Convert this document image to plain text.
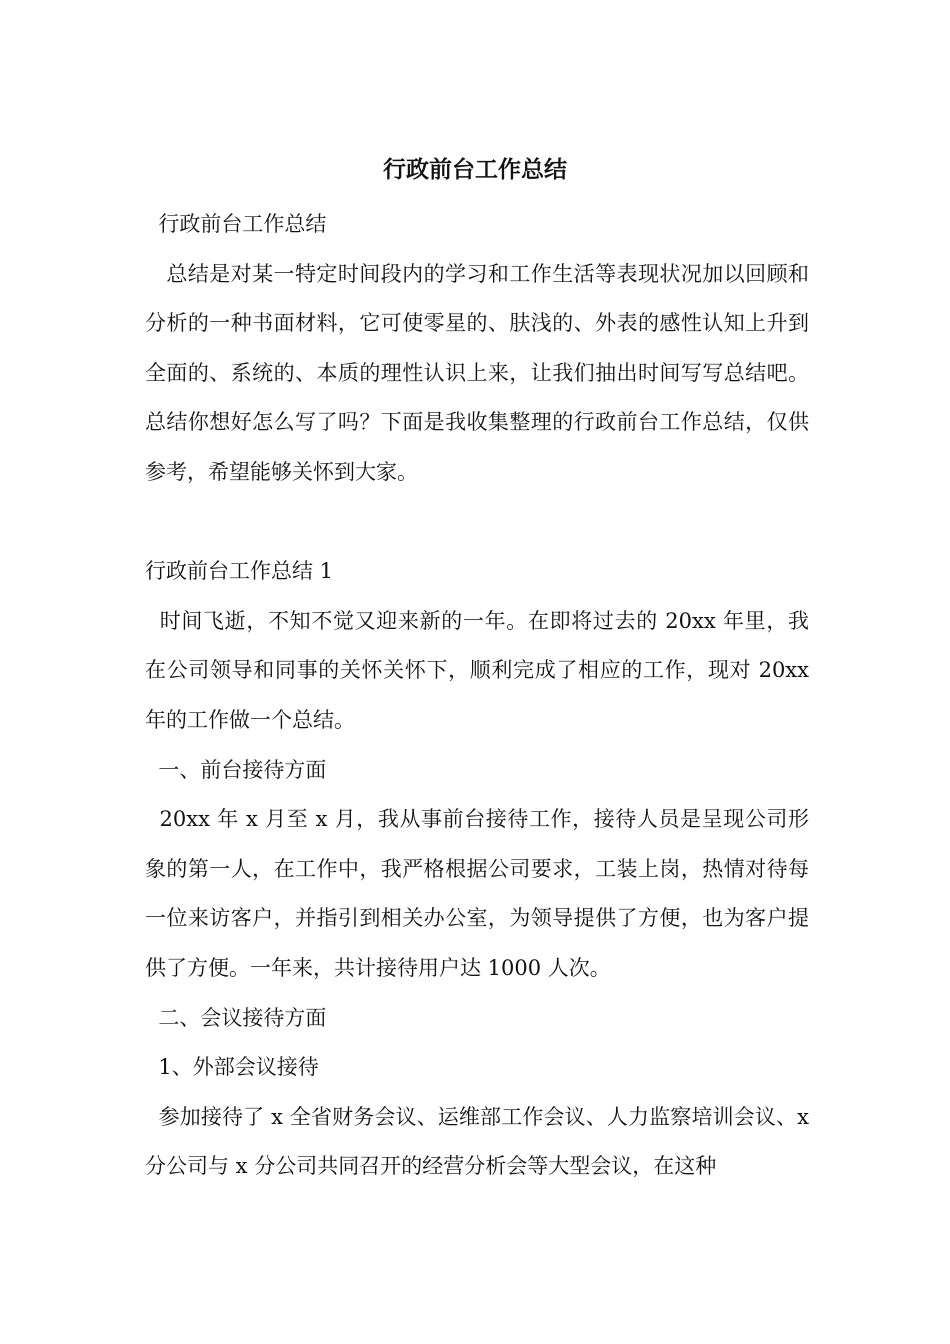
行政前台工作总结

行政前台工作总结

总结是对某一特定时间段内的学习和工作生活等表现状况加以回顾和分析的一种书面材料，它可使零星的、肤浅的、外表的感性认知上升到全面的、系统的、本质的理性认识上来，让我们抽出时间写写总结吧。总结你想好怎么写了吗？下面是我收集整理的行政前台工作总结，仅供参考，希望能够关怀到大家。

行政前台工作总结 1

时间飞逝，不知不觉又迎来新的一年。在即将过去的 20xx 年里，我在公司领导和同事的关怀关怀下，顺利完成了相应的工作，现对 20xx 年的工作做一个总结。

一、前台接待方面

20xx 年 x 月至 x 月，我从事前台接待工作，接待人员是呈现公司形象的第一人，在工作中，我严格根据公司要求，工装上岗，热情对待每一位来访客户，并指引到相关办公室，为领导提供了方便，也为客户提供了方便。一年来，共计接待用户达 1000 人次。

二、会议接待方面

1、外部会议接待

参加接待了 x 全省财务会议、运维部工作会议、人力监察培训会议、x 分公司与 x 分公司共同召开的经营分析会等大型会议，在这种
